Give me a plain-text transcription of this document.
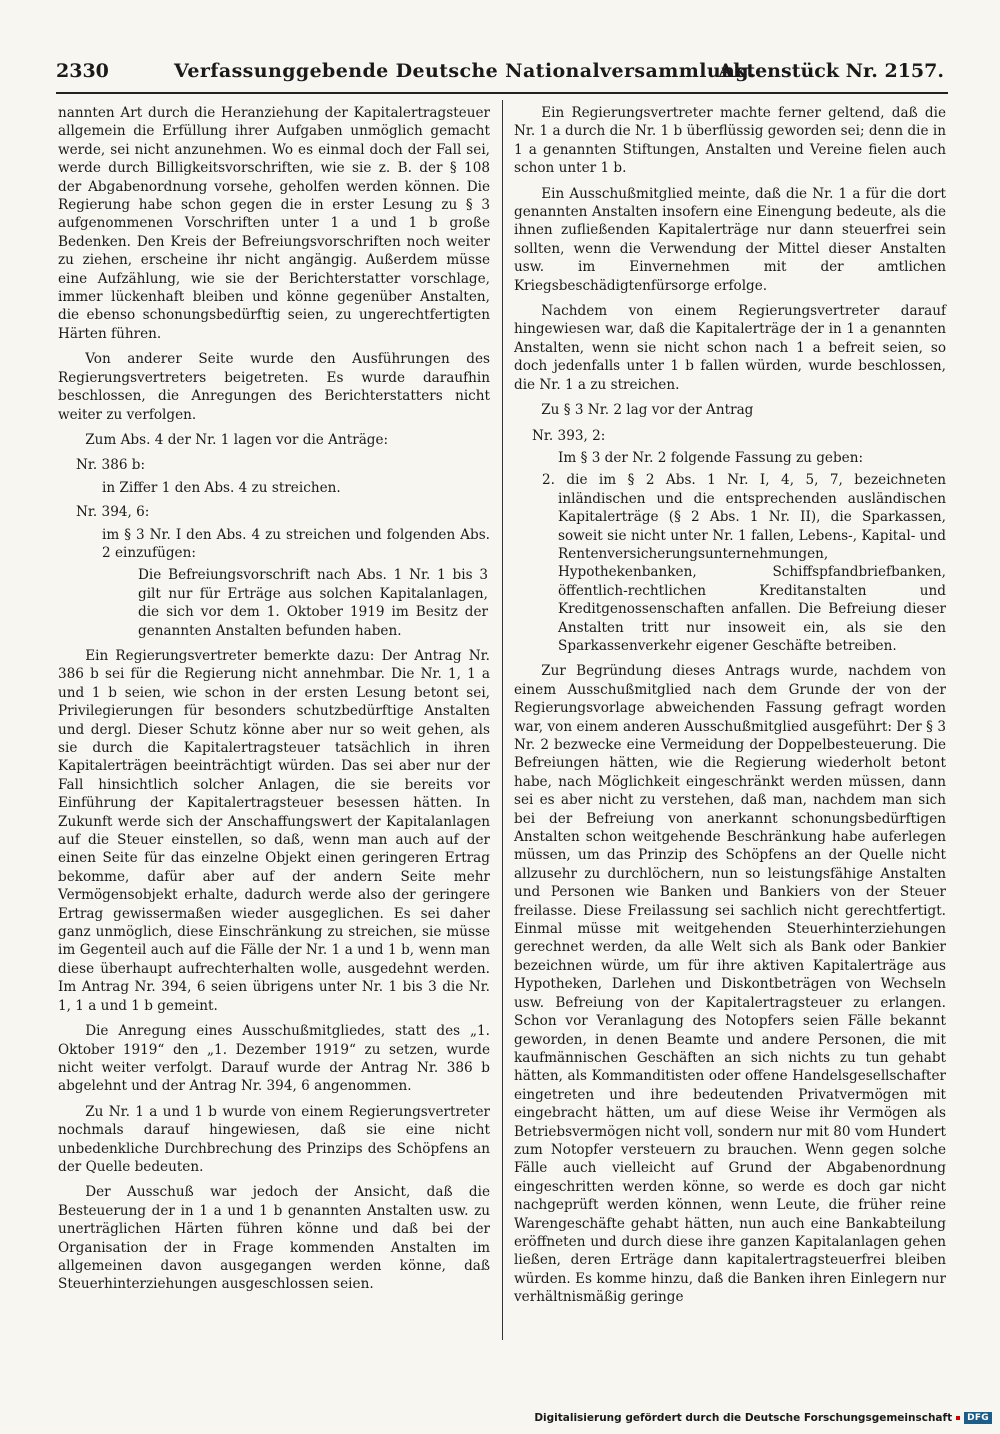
2330	Verfassunggebende Deutsche Nationalversammlung.
Aktenstück Nr. 2157.

nannten Art durch die Heranziehung der Kapitalertragsteuer allgemein die Erfüllung ihrer Aufgaben unmöglich gemacht werde, sei nicht anzunehmen. Wo es einmal doch der Fall sei, werde durch Billigkeitsvorschriften, wie sie z. B. der § 108 der Abgabenordnung vorsehe, geholfen werden können. Die Regierung habe schon gegen die in erster Lesung zu § 3 aufgenommenen Vorschriften unter 1 a und 1 b große Bedenken. Den Kreis der Befreiungsvorschriften noch weiter zu ziehen, erscheine ihr nicht angängig. Außerdem müsse eine Aufzählung, wie sie der Berichterstatter vorschlage, immer lückenhaft bleiben und könne gegenüber Anstalten, die ebenso schonungsbedürftig seien, zu ungerechtfertigten Härten führen.

Von anderer Seite wurde den Ausführungen des Regierungsvertreters beigetreten. Es wurde daraufhin beschlossen, die Anregungen des Berichterstatters nicht weiter zu verfolgen.

Zum Abs. 4 der Nr. 1 lagen vor die Anträge:

Nr. 386 b:

in Ziffer 1 den Abs. 4 zu streichen.

Nr. 394, 6:

im § 3 Nr. I den Abs. 4 zu streichen und folgenden Abs. 2 einzufügen:

Die Befreiungsvorschrift nach Abs. 1 Nr. 1 bis 3 gilt nur für Erträge aus solchen Kapitalanlagen, die sich vor dem 1. Oktober 1919 im Besitz der genannten Anstalten befunden haben.

Ein Regierungsvertreter bemerkte dazu: Der Antrag Nr. 386 b sei für die Regierung nicht annehmbar. Die Nr. 1, 1 a und 1 b seien, wie schon in der ersten Lesung betont sei, Privilegierungen für besonders schutzbedürftige Anstalten und dergl. Dieser Schutz könne aber nur so weit gehen, als sie durch die Kapitalertragsteuer tatsächlich in ihren Kapitalerträgen beeinträchtigt würden. Das sei aber nur der Fall hinsichtlich solcher Anlagen, die sie bereits vor Einführung der Kapitalertragsteuer besessen hätten. In Zukunft werde sich der Anschaffungswert der Kapitalanlagen auf die Steuer einstellen, so daß, wenn man auch auf der einen Seite für das einzelne Objekt einen geringeren Ertrag bekomme, dafür aber auf der andern Seite mehr Vermögensobjekt erhalte, dadurch werde also der geringere Ertrag gewissermaßen wieder ausgeglichen. Es sei daher ganz unmöglich, diese Einschränkung zu streichen, sie müsse im Gegenteil auch auf die Fälle der Nr. 1 a und 1 b, wenn man diese überhaupt aufrechterhalten wolle, ausgedehnt werden. Im Antrag Nr. 394, 6 seien übrigens unter Nr. 1 bis 3 die Nr. 1, 1 a und 1 b gemeint.

Die Anregung eines Ausschußmitgliedes, statt des „1. Oktober 1919“ den „1. Dezember 1919“ zu setzen, wurde nicht weiter verfolgt. Darauf wurde der Antrag Nr. 386 b abgelehnt und der Antrag Nr. 394, 6 angenommen.

Zu Nr. 1 a und 1 b wurde von einem Regierungsvertreter nochmals darauf hingewiesen, daß sie eine nicht unbedenkliche Durchbrechung des Prinzips des Schöpfens an der Quelle bedeuten.

Der Ausschuß war jedoch der Ansicht, daß die Besteuerung der in 1 a und 1 b genannten Anstalten usw. zu unerträglichen Härten führen könne und daß bei der Organisation der in Frage kommenden Anstalten im allgemeinen davon ausgegangen werden könne, daß Steuerhinterziehungen ausgeschlossen seien.

Ein Regierungsvertreter machte ferner geltend, daß die Nr. 1 a durch die Nr. 1 b überflüssig geworden sei; denn die in 1 a genannten Stiftungen, Anstalten und Vereine fielen auch schon unter 1 b.

Ein Ausschußmitglied meinte, daß die Nr. 1 a für die dort genannten Anstalten insofern eine Einengung bedeute, als die ihnen zufließenden Kapitalerträge nur dann steuerfrei sein sollten, wenn die Verwendung der Mittel dieser Anstalten usw. im Einvernehmen mit der amtlichen Kriegsbeschädigtenfürsorge erfolge.

Nachdem von einem Regierungsvertreter darauf hingewiesen war, daß die Kapitalerträge der in 1 a genannten Anstalten, wenn sie nicht schon nach 1 a befreit seien, so doch jedenfalls unter 1 b fallen würden, wurde beschlossen, die Nr. 1 a zu streichen.

Zu § 3 Nr. 2 lag vor der Antrag

Nr. 393, 2:

Im § 3 der Nr. 2 folgende Fassung zu geben:

2. die im § 2 Abs. 1 Nr. I, 4, 5, 7, bezeichneten inländischen und die entsprechenden ausländischen Kapitalerträge (§ 2 Abs. 1 Nr. II), die Sparkassen, soweit sie nicht unter Nr. 1 fallen, Lebens-, Kapital- und Rentenversicherungsunternehmungen, Hypothekenbanken, Schiffspfandbriefbanken, öffentlich-rechtlichen Kreditanstalten und Kreditgenossenschaften anfallen. Die Befreiung dieser Anstalten tritt nur insoweit ein, als sie den Sparkassenverkehr eigener Geschäfte betreiben.

Zur Begründung dieses Antrags wurde, nachdem von einem Ausschußmitglied nach dem Grunde der von der Regierungsvorlage abweichenden Fassung gefragt worden war, von einem anderen Ausschußmitglied ausgeführt: Der § 3 Nr. 2 bezwecke eine Vermeidung der Doppelbesteuerung. Die Befreiungen hätten, wie die Regierung wiederholt betont habe, nach Möglichkeit eingeschränkt werden müssen, dann sei es aber nicht zu verstehen, daß man, nachdem man sich bei der Befreiung von anerkannt schonungsbedürftigen Anstalten schon weitgehende Beschränkung habe auferlegen müssen, um das Prinzip des Schöpfens an der Quelle nicht allzusehr zu durchlöchern, nun so leistungsfähige Anstalten und Personen wie Banken und Bankiers von der Steuer freilasse. Diese Freilassung sei sachlich nicht gerechtfertigt. Einmal müsse mit weitgehenden Steuerhinterziehungen gerechnet werden, da alle Welt sich als Bank oder Bankier bezeichnen würde, um für ihre aktiven Kapitalerträge aus Hypotheken, Darlehen und Diskontbeträgen von Wechseln usw. Befreiung von der Kapitalertragsteuer zu erlangen. Schon vor Veranlagung des Notopfers seien Fälle bekannt geworden, in denen Beamte und andere Personen, die mit kaufmännischen Geschäften an sich nichts zu tun gehabt hätten, als Kommanditisten oder offene Handelsgesellschafter eingetreten und ihre bedeutenden Privatvermögen mit eingebracht hätten, um auf diese Weise ihr Vermögen als Betriebsvermögen nicht voll, sondern nur mit 80 vom Hundert zum Notopfer versteuern zu brauchen. Wenn gegen solche Fälle auch vielleicht auf Grund der Abgabenordnung eingeschritten werden könne, so werde es doch gar nicht nachgeprüft werden können, wenn Leute, die früher reine Warengeschäfte gehabt hätten, nun auch eine Bankabteilung eröffneten und durch diese ihre ganzen Kapitalanlagen gehen ließen, deren Erträge dann kapitalertragsteuerfrei bleiben würden. Es komme hinzu, daß die Banken ihren Einlegern nur verhältnismäßig geringe

Digitalisierung gefördert durch die Deutsche Forschungsgemeinschaft	DFG
